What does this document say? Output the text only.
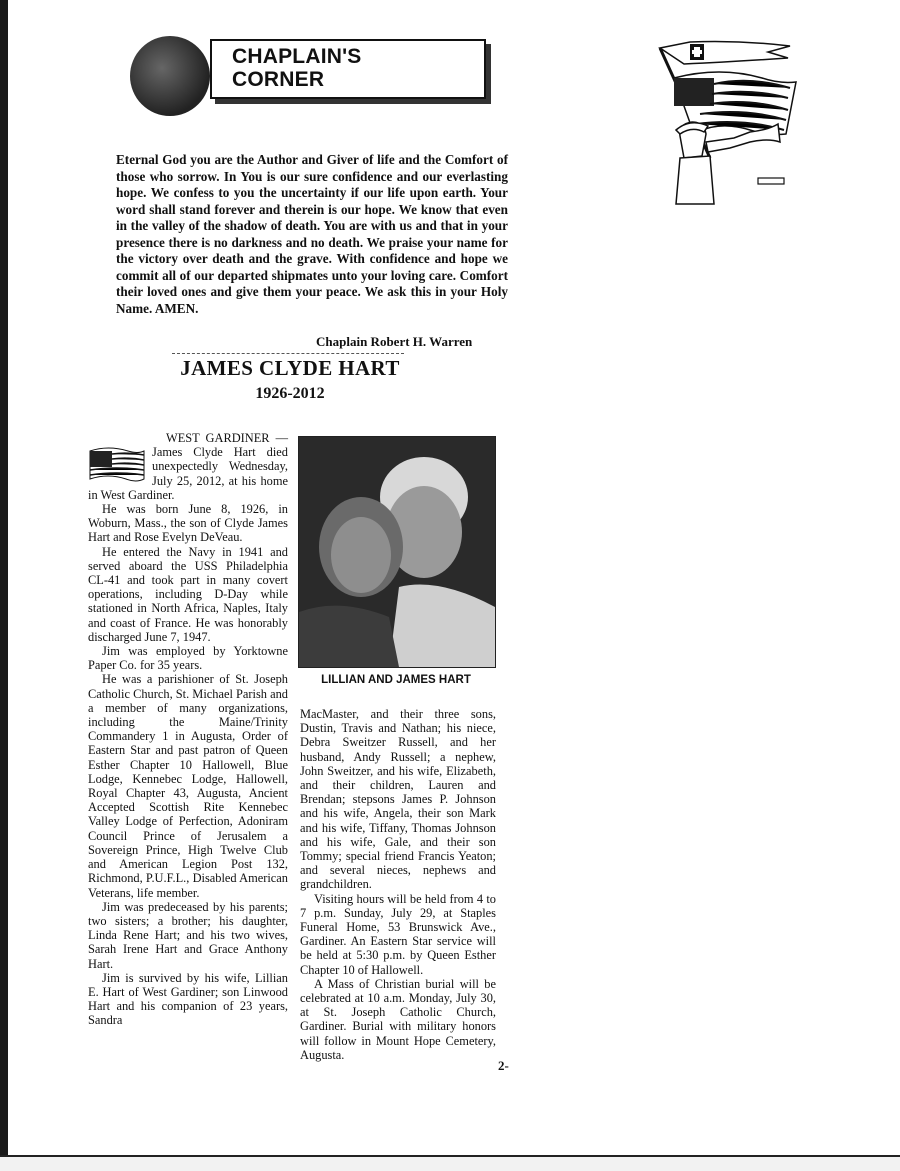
CHAPLAIN'S
CORNER
Eternal God you are the Author and Giver of life and the Comfort of those who sorrow. In You is our sure confidence and our everlasting hope. We confess to you the uncertainty if our life upon earth. Your word shall stand forever and therein is our hope. We know that even in the valley of the shadow of death. You are with us and that in your presence there is no darkness and no death. We praise your name for the victory over death and the grave. With confidence and hope we commit all of our departed shipmates unto your loving care. Comfort their loved ones and give them your peace. We ask this in your Holy Name. AMEN.
Chaplain Robert H. Warren
JAMES CLYDE HART
1926-2012

WEST GARDINER — James Clyde Hart died unexpectedly Wednesday, July 25, 2012, at his home in West Gardiner.

He was born June 8, 1926, in Woburn, Mass., the son of Clyde James Hart and Rose Evelyn DeVeau.

He entered the Navy in 1941 and served aboard the USS Philadelphia CL-41 and took part in many covert operations, including D-Day while stationed in North Africa, Naples, Italy and coast of France. He was honorably discharged June 7, 1947.

Jim was employed by Yorktowne Paper Co. for 35 years.

He was a parishioner of St. Joseph Catholic Church, St. Michael Parish and a member of many organizations, including the Maine/Trinity Commandery 1 in Augusta, Order of Eastern Star and past patron of Queen Esther Chapter 10 Hallowell, Blue Lodge, Kennebec Lodge, Hallowell, Royal Chapter 43, Augusta, Ancient Accepted Scottish Rite Kennebec Valley Lodge of Perfection, Adoniram Council Prince of Jerusalem a Sovereign Prince, High Twelve Club and American Legion Post 132, Richmond, P.U.F.L., Disabled American Veterans, life member.

Jim was predeceased by his parents; two sisters; a brother; his daughter, Linda Rene Hart; and his two wives, Sarah Irene Hart and Grace Anthony Hart.

Jim is survived by his wife, Lillian E. Hart of West Gardiner; son Linwood Hart and his companion of 23 years, Sandra

LILLIAN AND JAMES HART

MacMaster, and their three sons, Dustin, Travis and Nathan; his niece, Debra Sweitzer Russell, and her husband, Andy Russell; a nephew, John Sweitzer, and his wife, Elizabeth, and their children, Lauren and Brendan; stepsons James P. Johnson and his wife, Angela, their son Mark and his wife, Tiffany, Thomas Johnson and his wife, Gale, and their son Tommy; special friend Francis Yeaton; and several nieces, nephews and grandchildren.

Visiting hours will be held from 4 to 7 p.m. Sunday, July 29, at Staples Funeral Home, 53 Brunswick Ave., Gardiner. An Eastern Star service will be held at 5:30 p.m. by Queen Esther Chapter 10 of Hallowell.

A Mass of Christian burial will be celebrated at 10 a.m. Monday, July 30, at St. Joseph Catholic Church, Gardiner. Burial with military honors will follow in Mount Hope Cemetery, Augusta.

2-
